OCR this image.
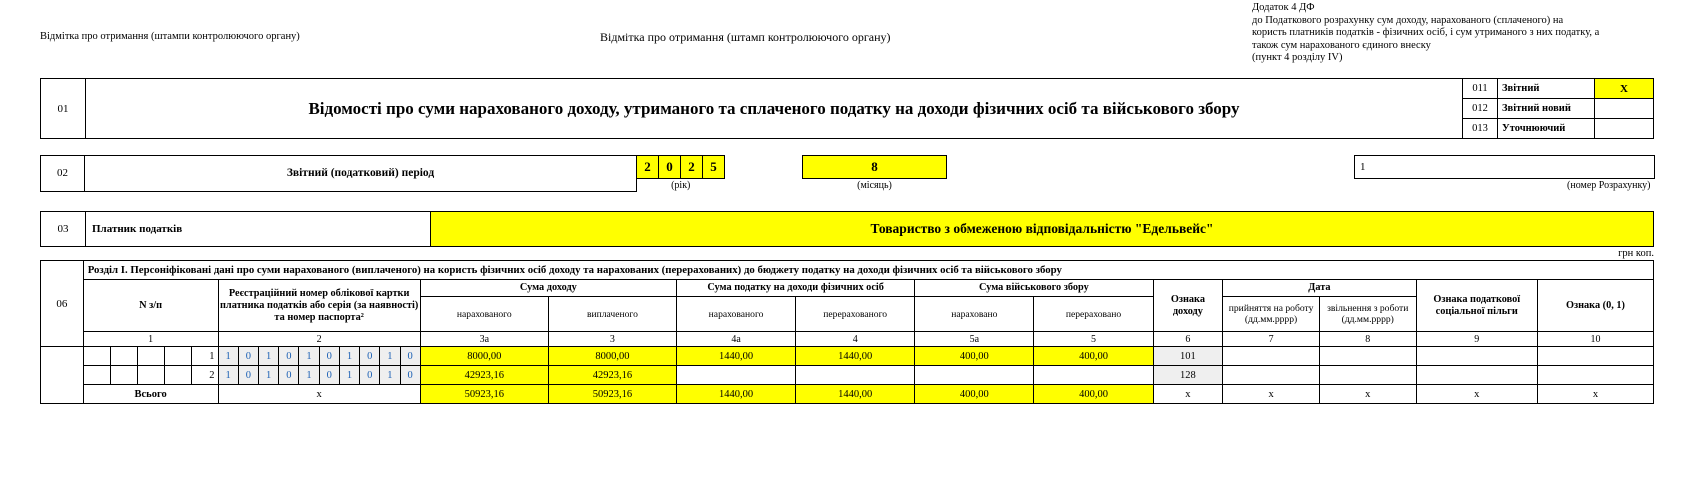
Додаток 4 ДФ
до Податкового розрахунку сум доходу, нарахованого (сплаченого) на
користь платників податків - фізичних осіб, і сум утриманого з них податку, а
також сум нарахованого єдиного внеску
(пункт 4 розділу IV)
Відмітка про отримання (штампи контролюючого органу)	Відмітка про отримання (штамп контролюючого органу)
01	Відомості про суми нарахованого доходу, утриманого та сплаченого податку на доходи фізичних осіб та військового збору	011	Звітний	X
		012	Звітний новий	
		013	Уточнюючий	
02	Звітний (податковий) період	2	0	2	5		8		1
		(рік)					(місяць)		(номер Розрахунку)
03	Платник податків	Товариство з обмеженою відповідальністю "Едельвейс"
грн коп.
06	Розділ I. Персоніфіковані дані про суми нарахованого (виплаченого) на користь фізичних осіб доходу та нарахованих (перерахованих) до бюджету податку на доходи фізичних осіб та військового збору												
	N з/п	Реєстраційний номер облікової картки платника податків або серія (за наявності) та номер паспорта²	Сума доходу		Сума податку на доходи фізичних осіб		Сума військового збору		Ознака доходу	Дата		Ознака податкової соціальної пільги	Ознака (0, 1)
			нарахованого	виплаченого	нарахованого	перерахованого	нараховано	перераховано		прийняття на роботу (дд.мм.рррр)	звільнення з роботи (дд.мм.рррр)		
	1	2	3а	3	4а	4	5а	5	6	7	8	9	10
					1	1	0	1	0	1	0	1	0	1	0	8000,00	8000,00	1440,00	1440,00	400,00	400,00	101				
					2	1	0	1	0	1	0	1	0	1	0	42923,16	42923,16					128				
	Всього					х										50923,16	50923,16	1440,00	1440,00	400,00	400,00	х	х	х	х	х
